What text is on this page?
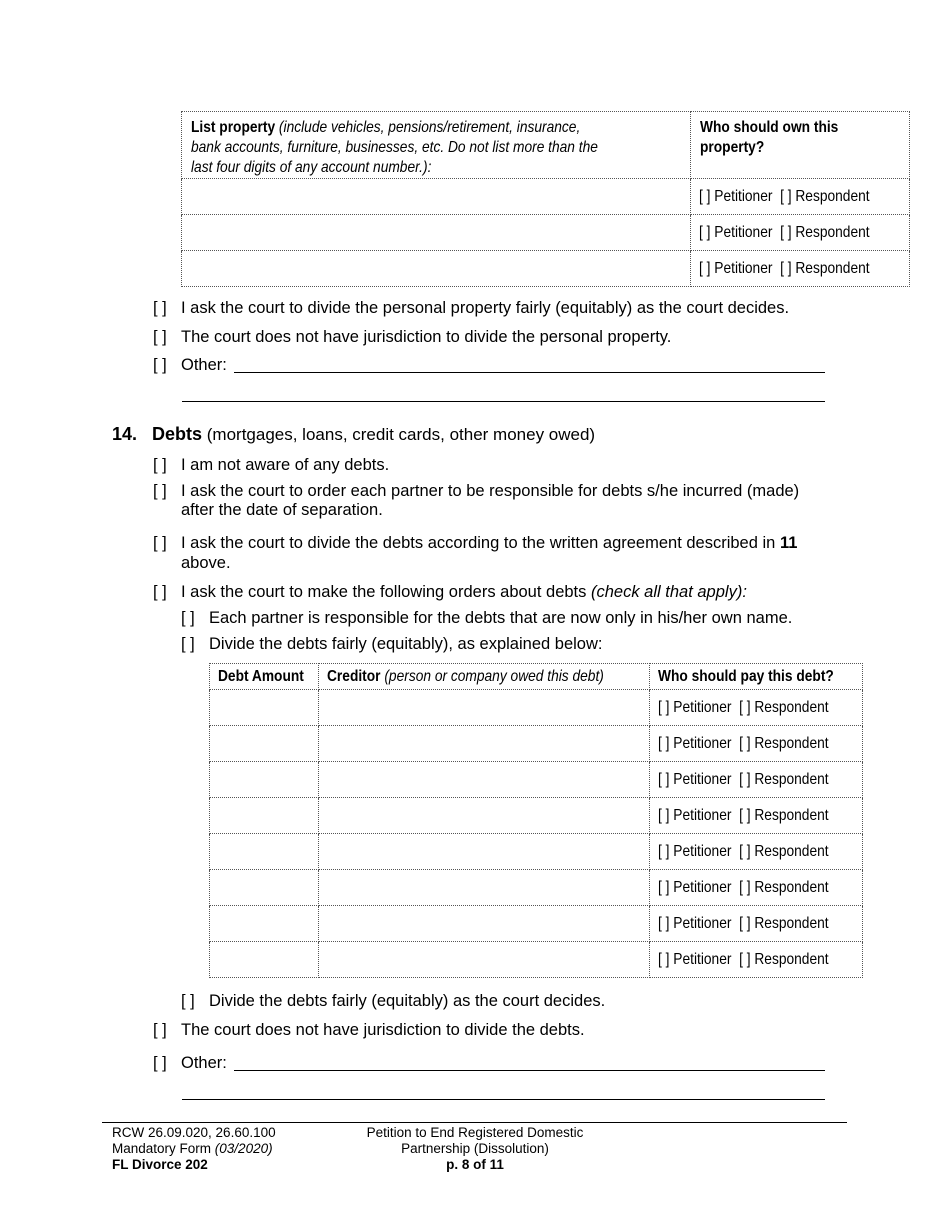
List property (include vehicles, pensions/retirement, insurance, bank accounts, furniture, businesses, etc. Do not list more than the last four digits of any account number.):	Who should own this property?
	[ ] Petitioner [ ] Respondent
	[ ] Petitioner [ ] Respondent
	[ ] Petitioner [ ] Respondent
[ ] I ask the court to divide the personal property fairly (equitably) as the court decides.
[ ] The court does not have jurisdiction to divide the personal property.
[ ] Other:
14. Debts (mortgages, loans, credit cards, other money owed)
[ ] I am not aware of any debts.
[ ] I ask the court to order each partner to be responsible for debts s/he incurred (made)
after the date of separation.
[ ] I ask the court to divide the debts according to the written agreement described in 11
above.
[ ] I ask the court to make the following orders about debts (check all that apply):
[ ] Each partner is responsible for the debts that are now only in his/her own name.
[ ] Divide the debts fairly (equitably), as explained below:
Debt Amount	Creditor (person or company owed this debt)	Who should pay this debt?
		[ ] Petitioner [ ] Respondent
		[ ] Petitioner [ ] Respondent
		[ ] Petitioner [ ] Respondent
		[ ] Petitioner [ ] Respondent
		[ ] Petitioner [ ] Respondent
		[ ] Petitioner [ ] Respondent
		[ ] Petitioner [ ] Respondent
		[ ] Petitioner [ ] Respondent
[ ] Divide the debts fairly (equitably) as the court decides.
[ ] The court does not have jurisdiction to divide the debts.
[ ] Other:
RCW 26.09.020, 26.60.100
Mandatory Form (03/2020)
FL Divorce 202
Petition to End Registered Domestic
Partnership (Dissolution)
p. 8 of 11
